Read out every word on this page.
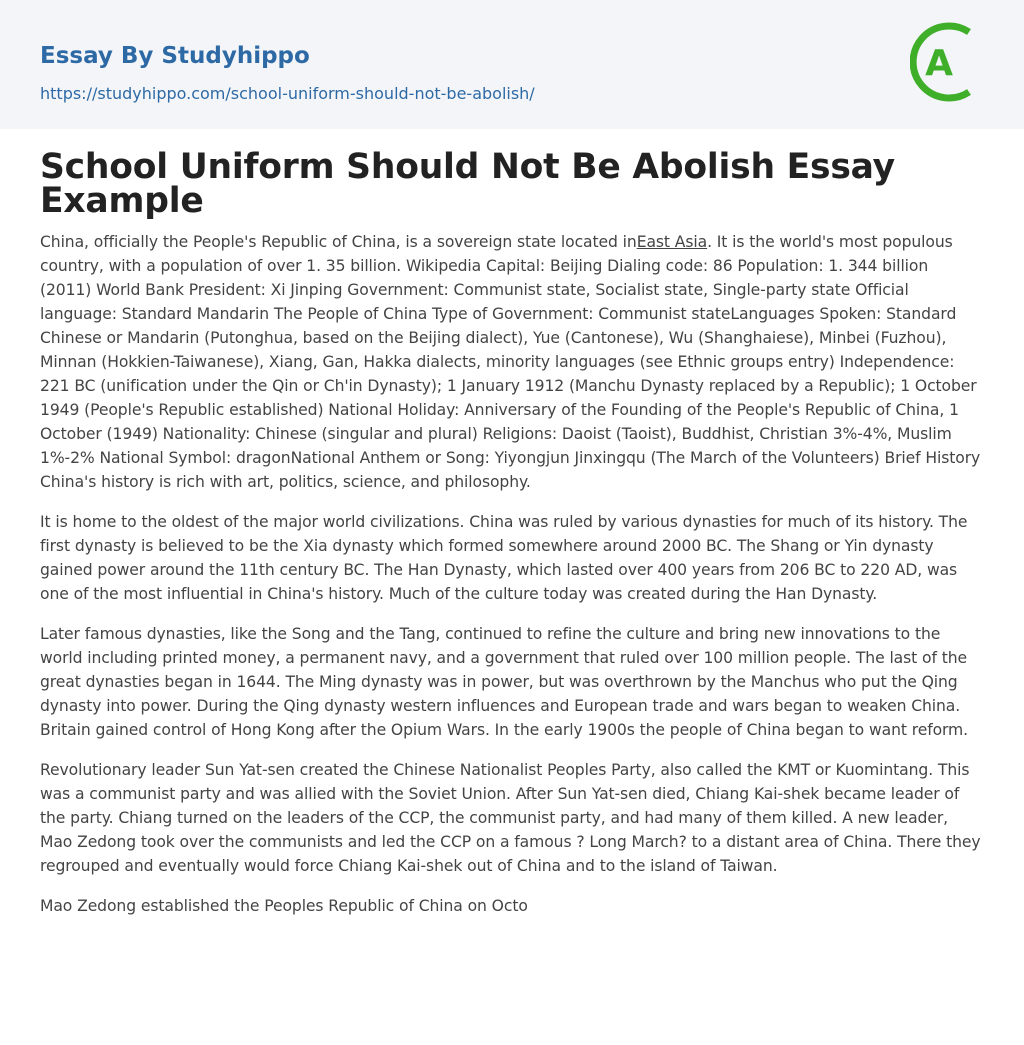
Essay By Studyhippo
https://studyhippo.com/school-uniform-should-not-be-abolish/
A
School Uniform Should Not Be Abolish Essay Example

China, officially the People's Republic of China, is a sovereign state located inEast Asia. It is the world's most populous country, with a population of over 1. 35 billion. Wikipedia Capital: Beijing Dialing code: 86 Population: 1. 344 billion (2011) World Bank President: Xi Jinping Government: Communist state, Socialist state, Single-party state Official language: Standard Mandarin The People of China Type of Government: Communist stateLanguages Spoken: Standard Chinese or Mandarin (Putonghua, based on the Beijing dialect), Yue (Cantonese), Wu (Shanghaiese), Minbei (Fuzhou), Minnan (Hokkien-Taiwanese), Xiang, Gan, Hakka dialects, minority languages (see Ethnic groups entry) Independence: 221 BC (unification under the Qin or Ch'in Dynasty); 1 January 1912 (Manchu Dynasty replaced by a Republic); 1 October 1949 (People's Republic established) National Holiday: Anniversary of the Founding of the People's Republic of China, 1 October (1949) Nationality: Chinese (singular and plural) Religions: Daoist (Taoist), Buddhist, Christian 3%-4%, Muslim 1%-2% National Symbol: dragonNational Anthem or Song: Yiyongjun Jinxingqu (The March of the Volunteers) Brief History China's history is rich with art, politics, science, and philosophy.

It is home to the oldest of the major world civilizations. China was ruled by various dynasties for much of its history. The first dynasty is believed to be the Xia dynasty which formed somewhere around 2000 BC. The Shang or Yin dynasty gained power around the 11th century BC. The Han Dynasty, which lasted over 400 years from 206 BC to 220 AD, was one of the most influential in China's history. Much of the culture today was created during the Han Dynasty.

Later famous dynasties, like the Song and the Tang, continued to refine the culture and bring new innovations to the world including printed money, a permanent navy, and a government that ruled over 100 million people. The last of the great dynasties began in 1644. The Ming dynasty was in power, but was overthrown by the Manchus who put the Qing dynasty into power. During the Qing dynasty western influences and European trade and wars began to weaken China. Britain gained control of Hong Kong after the Opium Wars. In the early 1900s the people of China began to want reform.

Revolutionary leader Sun Yat-sen created the Chinese Nationalist Peoples Party, also called the KMT or Kuomintang. This was a communist party and was allied with the Soviet Union. After Sun Yat-sen died, Chiang Kai-shek became leader of the party. Chiang turned on the leaders of the CCP, the communist party, and had many of them killed. A new leader, Mao Zedong took over the communists and led the CCP on a famous ? Long March? to a distant area of China. There they regrouped and eventually would force Chiang Kai-shek out of China and to the island of Taiwan.

Mao Zedong established the Peoples Republic of China on Octo
